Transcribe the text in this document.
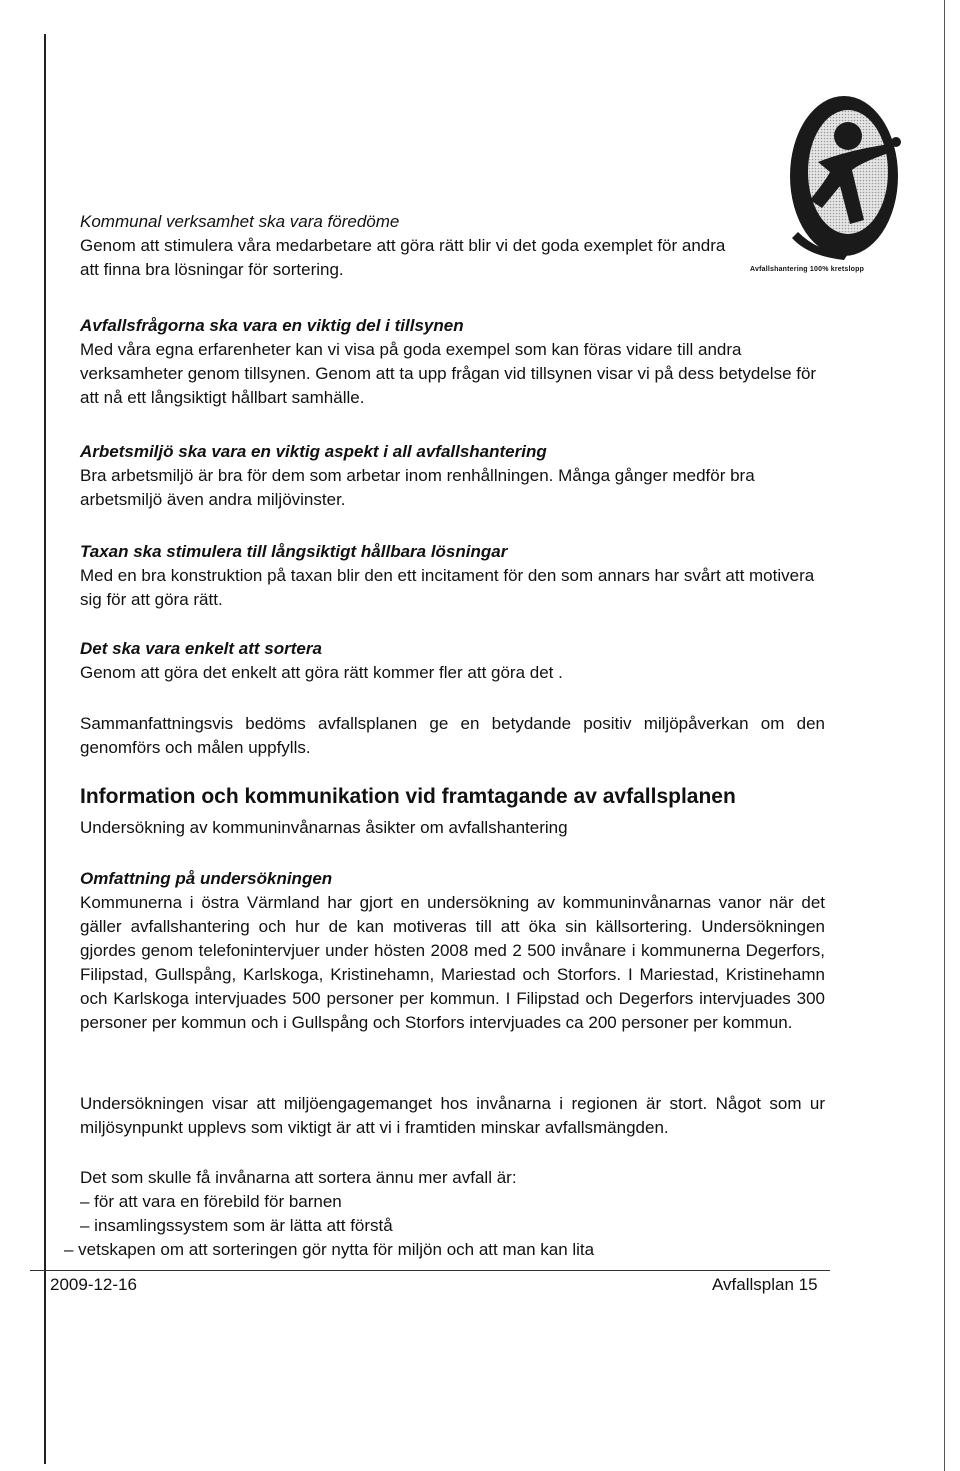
Avfallshantering 100% kretslopp

Kommunal verksamhet ska vara föredöme

Genom att stimulera våra medarbetare att göra rätt blir vi det goda exemplet för andra

att finna bra lösningar för sortering.

Avfallsfrågorna ska vara en viktig del i tillsynen

Med våra egna erfarenheter kan vi visa på goda exempel som kan föras vidare till andra verksamheter genom tillsynen. Genom att ta upp frågan vid tillsynen visar vi på dess betydelse för att nå ett långsiktigt hållbart samhälle.

Arbetsmiljö ska vara en viktig aspekt i all avfallshantering

Bra arbetsmiljö är bra för dem som arbetar inom renhållningen. Många gånger medför bra arbetsmiljö även andra miljövinster.

Taxan ska stimulera till långsiktigt hållbara lösningar

Med en bra konstruktion på taxan blir den ett incitament för den som annars har svårt att motivera sig för att göra rätt.

Det ska vara enkelt att sortera

Genom att göra det enkelt att göra rätt kommer fler att göra det .

Sammanfattningsvis bedöms avfallsplanen ge en betydande positiv miljöpåverkan om den genomförs och målen uppfylls.

Information och kommunikation vid framtagande av avfallsplanen

Undersökning av kommuninvånarnas åsikter om avfallshantering

Omfattning på undersökningen

Kommunerna i östra Värmland har gjort en undersökning av kommuninvånarnas vanor när det gäller avfallshantering och hur de kan motiveras till att öka sin källsortering. Undersökningen gjordes genom telefonintervjuer under hösten 2008 med 2 500 invånare i kommunerna Degerfors, Filipstad, Gullspång, Karlskoga, Kristinehamn, Mariestad och Storfors. I Mariestad, Kristinehamn och Karlskoga intervjuades 500 personer per kommun. I Filipstad och Degerfors intervjuades 300 personer per kommun och i Gullspång och Storfors intervjuades ca 200 personer per kommun.

Undersökningen visar att miljöengagemanget hos invånarna i regionen är stort. Något som ur miljösynpunkt upplevs som viktigt är att vi i framtiden minskar avfallsmängden.

Det som skulle få invånarna att sortera ännu mer avfall är:

– för att vara en förebild för barnen

– insamlingssystem som är lätta att förstå

– vetskapen om att sorteringen gör nytta för miljön och att man kan lita

2009-12-16	Avfallsplan 15
